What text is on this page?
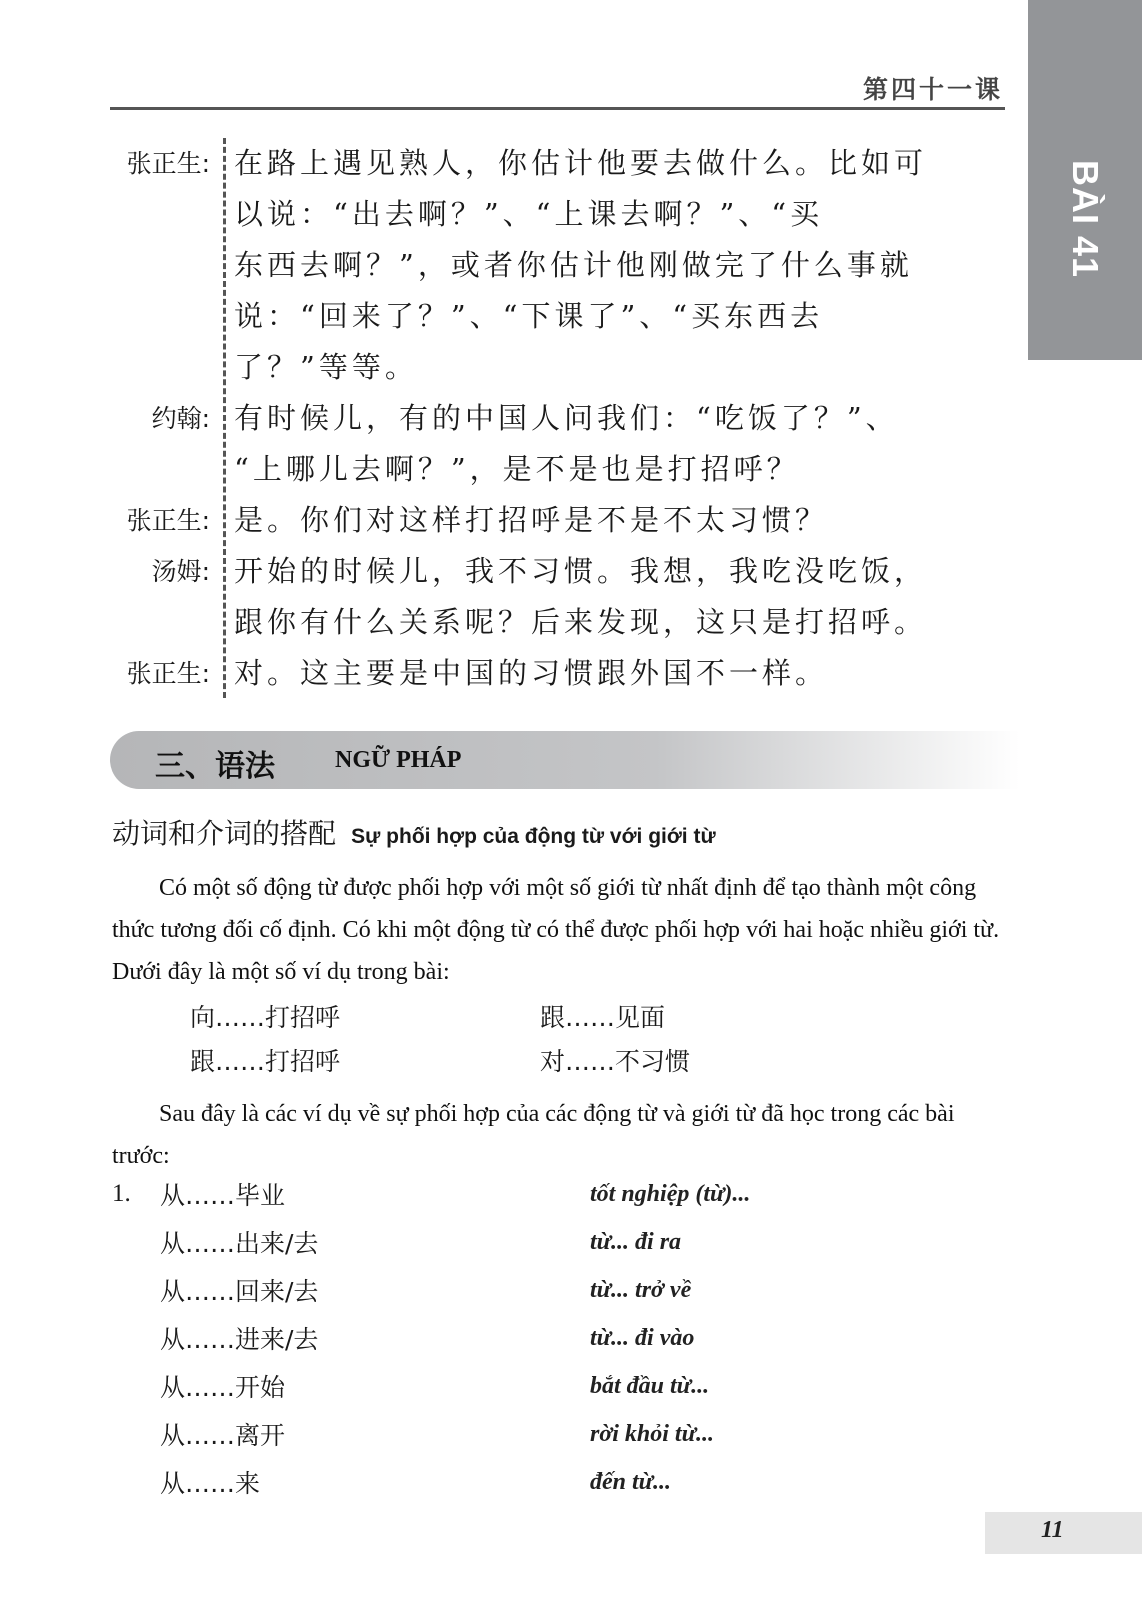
第四十一课
BÀI 41
张正生: 在路上遇见熟人，你估计他要去做什么。比如可
以说：“出去啊？”、“上课去啊？”、“买
东西去啊？”，或者你估计他刚做完了什么事就
说：“回来了？”、“下课了”、“买东西去
了？”等等。
约翰: 有时候儿，有的中国人问我们：“吃饭了？”、
“上哪儿去啊？”，是不是也是打招呼？
张正生: 是。你们对这样打招呼是不是不太习惯？
汤姆: 开始的时候儿，我不习惯。我想，我吃没吃饭，
跟你有什么关系呢？后来发现，这只是打招呼。
张正生: 对。这主要是中国的习惯跟外国不一样。
三、语法	NGỮ PHÁP
动词和介词的搭配 Sự phối hợp của động từ với giới từ
Có một số động từ được phối hợp với một số giới từ nhất định để tạo thành một công thức tương đối cố định. Có khi một động từ có thể được phối hợp với hai hoặc nhiều giới từ. Dưới đây là một số ví dụ trong bài:
向……打招呼	跟……见面
跟……打招呼	对……不习惯
Sau đây là các ví dụ về sự phối hợp của các động từ và giới từ đã học trong các bài trước:
1.	从……毕业	tốt nghiệp (từ)...
从……出来/去	từ... đi ra
从……回来/去	từ... trở về
从……进来/去	từ... đi vào
从……开始	bắt đầu từ...
从……离开	rời khỏi từ...
从……来	đến từ...
11
